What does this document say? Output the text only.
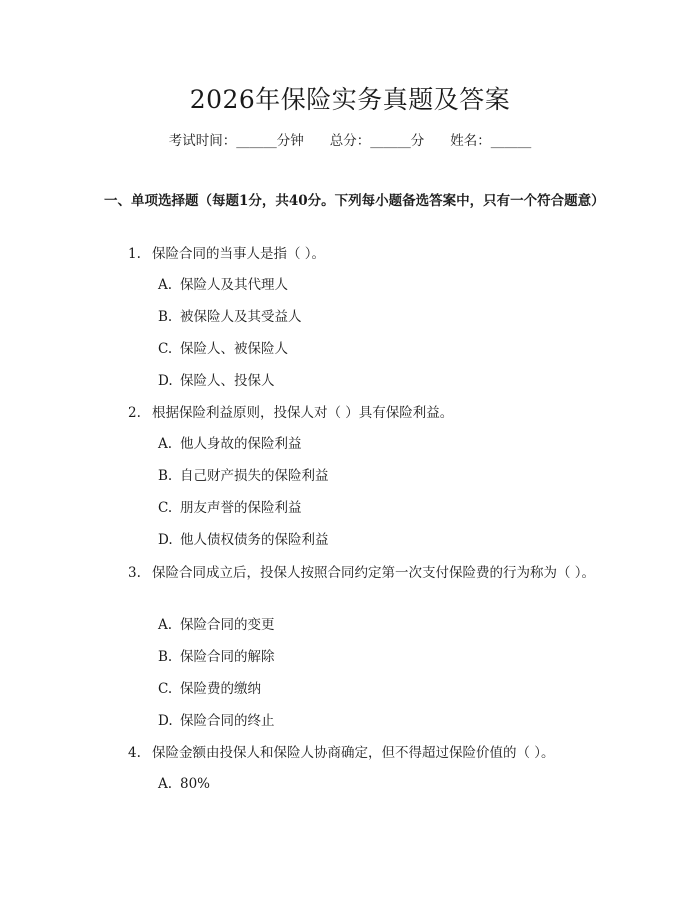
2026年保险实务真题及答案
考试时间：______分钟 总分：______分 姓名：______
一、单项选择题（每题1分，共40分。下列每小题备选答案中，只有一个符合题意）
1. 保险合同的当事人是指（ ）。
A. 保险人及其代理人
B. 被保险人及其受益人
C. 保险人、被保险人
D. 保险人、投保人
2. 根据保险利益原则，投保人对（ ）具有保险利益。
A. 他人身故的保险利益
B. 自己财产损失的保险利益
C. 朋友声誉的保险利益
D. 他人债权债务的保险利益
3. 保险合同成立后，投保人按照合同约定第一次支付保险费的行为称为（ ）。
A. 保险合同的变更
B. 保险合同的解除
C. 保险费的缴纳
D. 保险合同的终止
4. 保险金额由投保人和保险人协商确定，但不得超过保险价值的（ ）。
A. 80%
